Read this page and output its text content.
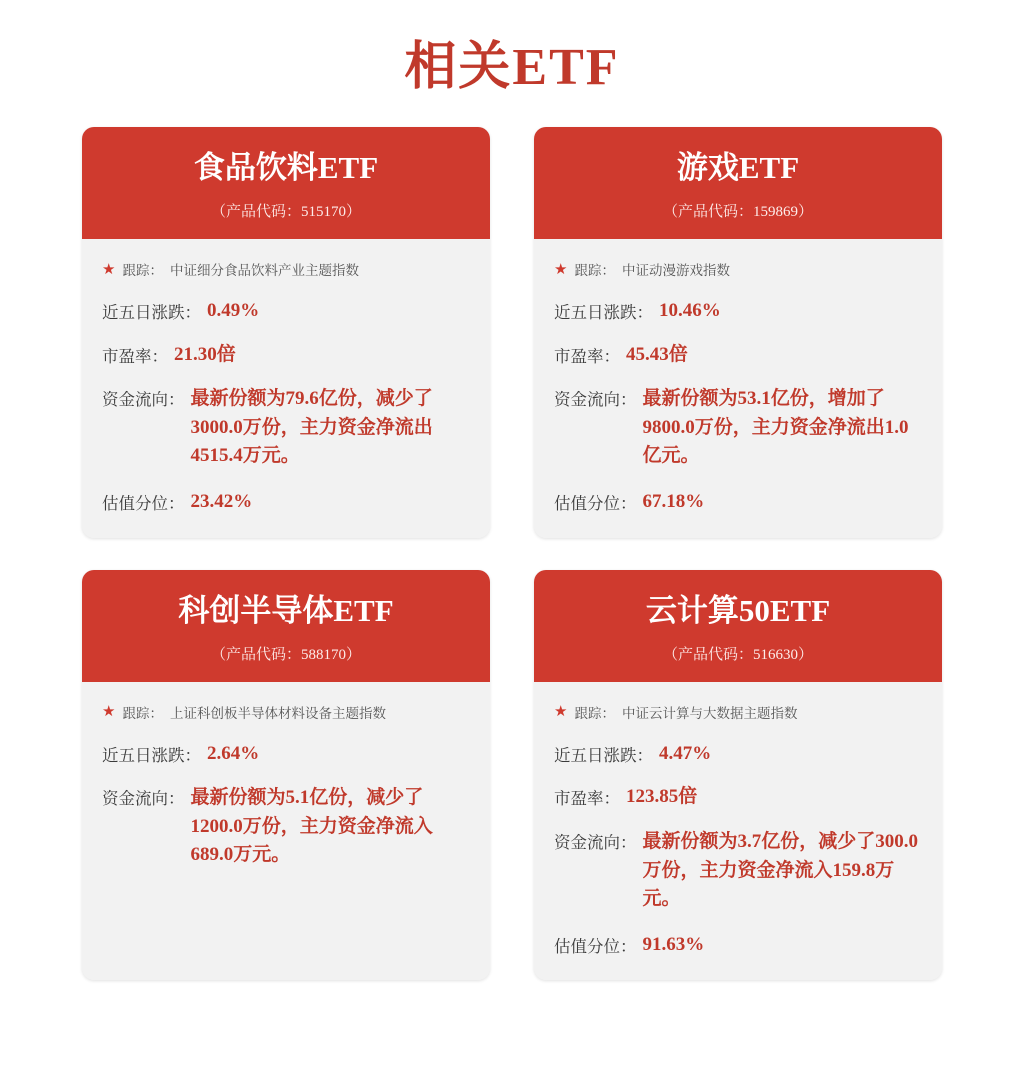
相关ETF
食品饮料ETF
（产品代码：515170）
★ 跟踪： 中证细分食品饮料产业主题指数
近五日涨跌： 0.49%
市盈率： 21.30倍
资金流向： 最新份额为79.6亿份，减少了3000.0万份，主力资金净流出4515.4万元。
估值分位： 23.42%
游戏ETF
（产品代码：159869）
★ 跟踪： 中证动漫游戏指数
近五日涨跌： 10.46%
市盈率： 45.43倍
资金流向： 最新份额为53.1亿份，增加了9800.0万份，主力资金净流出1.0亿元。
估值分位： 67.18%
科创半导体ETF
（产品代码：588170）
★ 跟踪： 上证科创板半导体材料设备主题指数
近五日涨跌： 2.64%
资金流向： 最新份额为5.1亿份，减少了1200.0万份，主力资金净流入689.0万元。
云计算50ETF
（产品代码：516630）
★ 跟踪： 中证云计算与大数据主题指数
近五日涨跌： 4.47%
市盈率： 123.85倍
资金流向： 最新份额为3.7亿份，减少了300.0万份，主力资金净流入159.8万元。
估值分位： 91.63%
